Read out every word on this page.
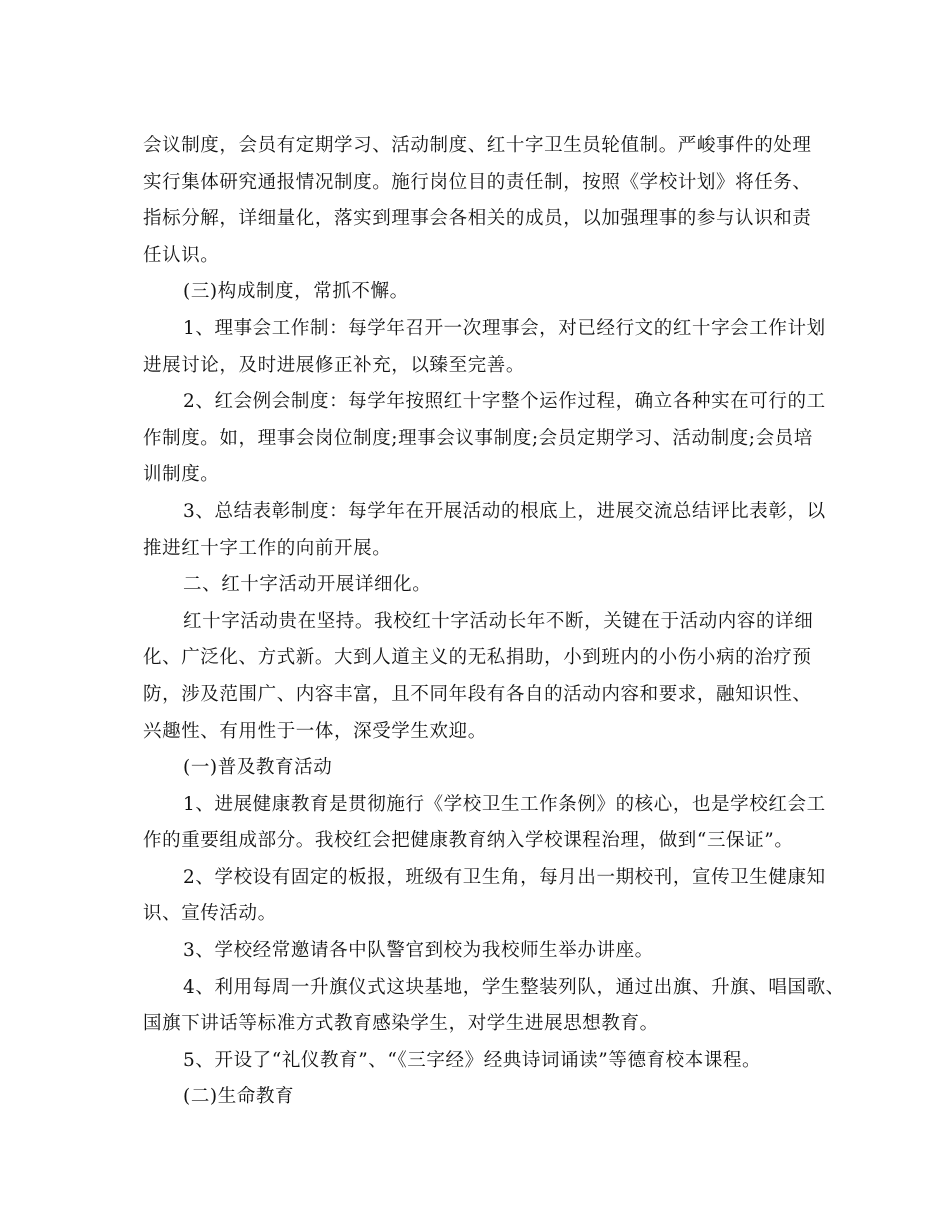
会议制度，会员有定期学习、活动制度、红十字卫生员轮值制。严峻事件的处理
实行集体研究通报情况制度。施行岗位目的责任制，按照《学校计划》将任务、
指标分解，详细量化，落实到理事会各相关的成员，以加强理事的参与认识和责
任认识。
(三)构成制度，常抓不懈。
1、理事会工作制：每学年召开一次理事会，对已经行文的红十字会工作计划
进展讨论，及时进展修正补充，以臻至完善。
2、红会例会制度：每学年按照红十字整个运作过程，确立各种实在可行的工
作制度。如，理事会岗位制度;理事会议事制度;会员定期学习、活动制度;会员培
训制度。
3、总结表彰制度：每学年在开展活动的根底上，进展交流总结评比表彰，以
推进红十字工作的向前开展。
二、红十字活动开展详细化。
红十字活动贵在坚持。我校红十字活动长年不断，关键在于活动内容的详细
化、广泛化、方式新。大到人道主义的无私捐助，小到班内的小伤小病的治疗预
防，涉及范围广、内容丰富，且不同年段有各自的活动内容和要求，融知识性、
兴趣性、有用性于一体，深受学生欢迎。
(一)普及教育活动
1、进展健康教育是贯彻施行《学校卫生工作条例》的核心，也是学校红会工
作的重要组成部分。我校红会把健康教育纳入学校课程治理，做到“三保证”。
2、学校设有固定的板报，班级有卫生角，每月出一期校刊，宣传卫生健康知
识、宣传活动。
3、学校经常邀请各中队警官到校为我校师生举办讲座。
4、利用每周一升旗仪式这块基地，学生整装列队，通过出旗、升旗、唱国歌、
国旗下讲话等标准方式教育感染学生，对学生进展思想教育。
5、开设了“礼仪教育”、“《三字经》经典诗词诵读”等德育校本课程。
(二)生命教育
